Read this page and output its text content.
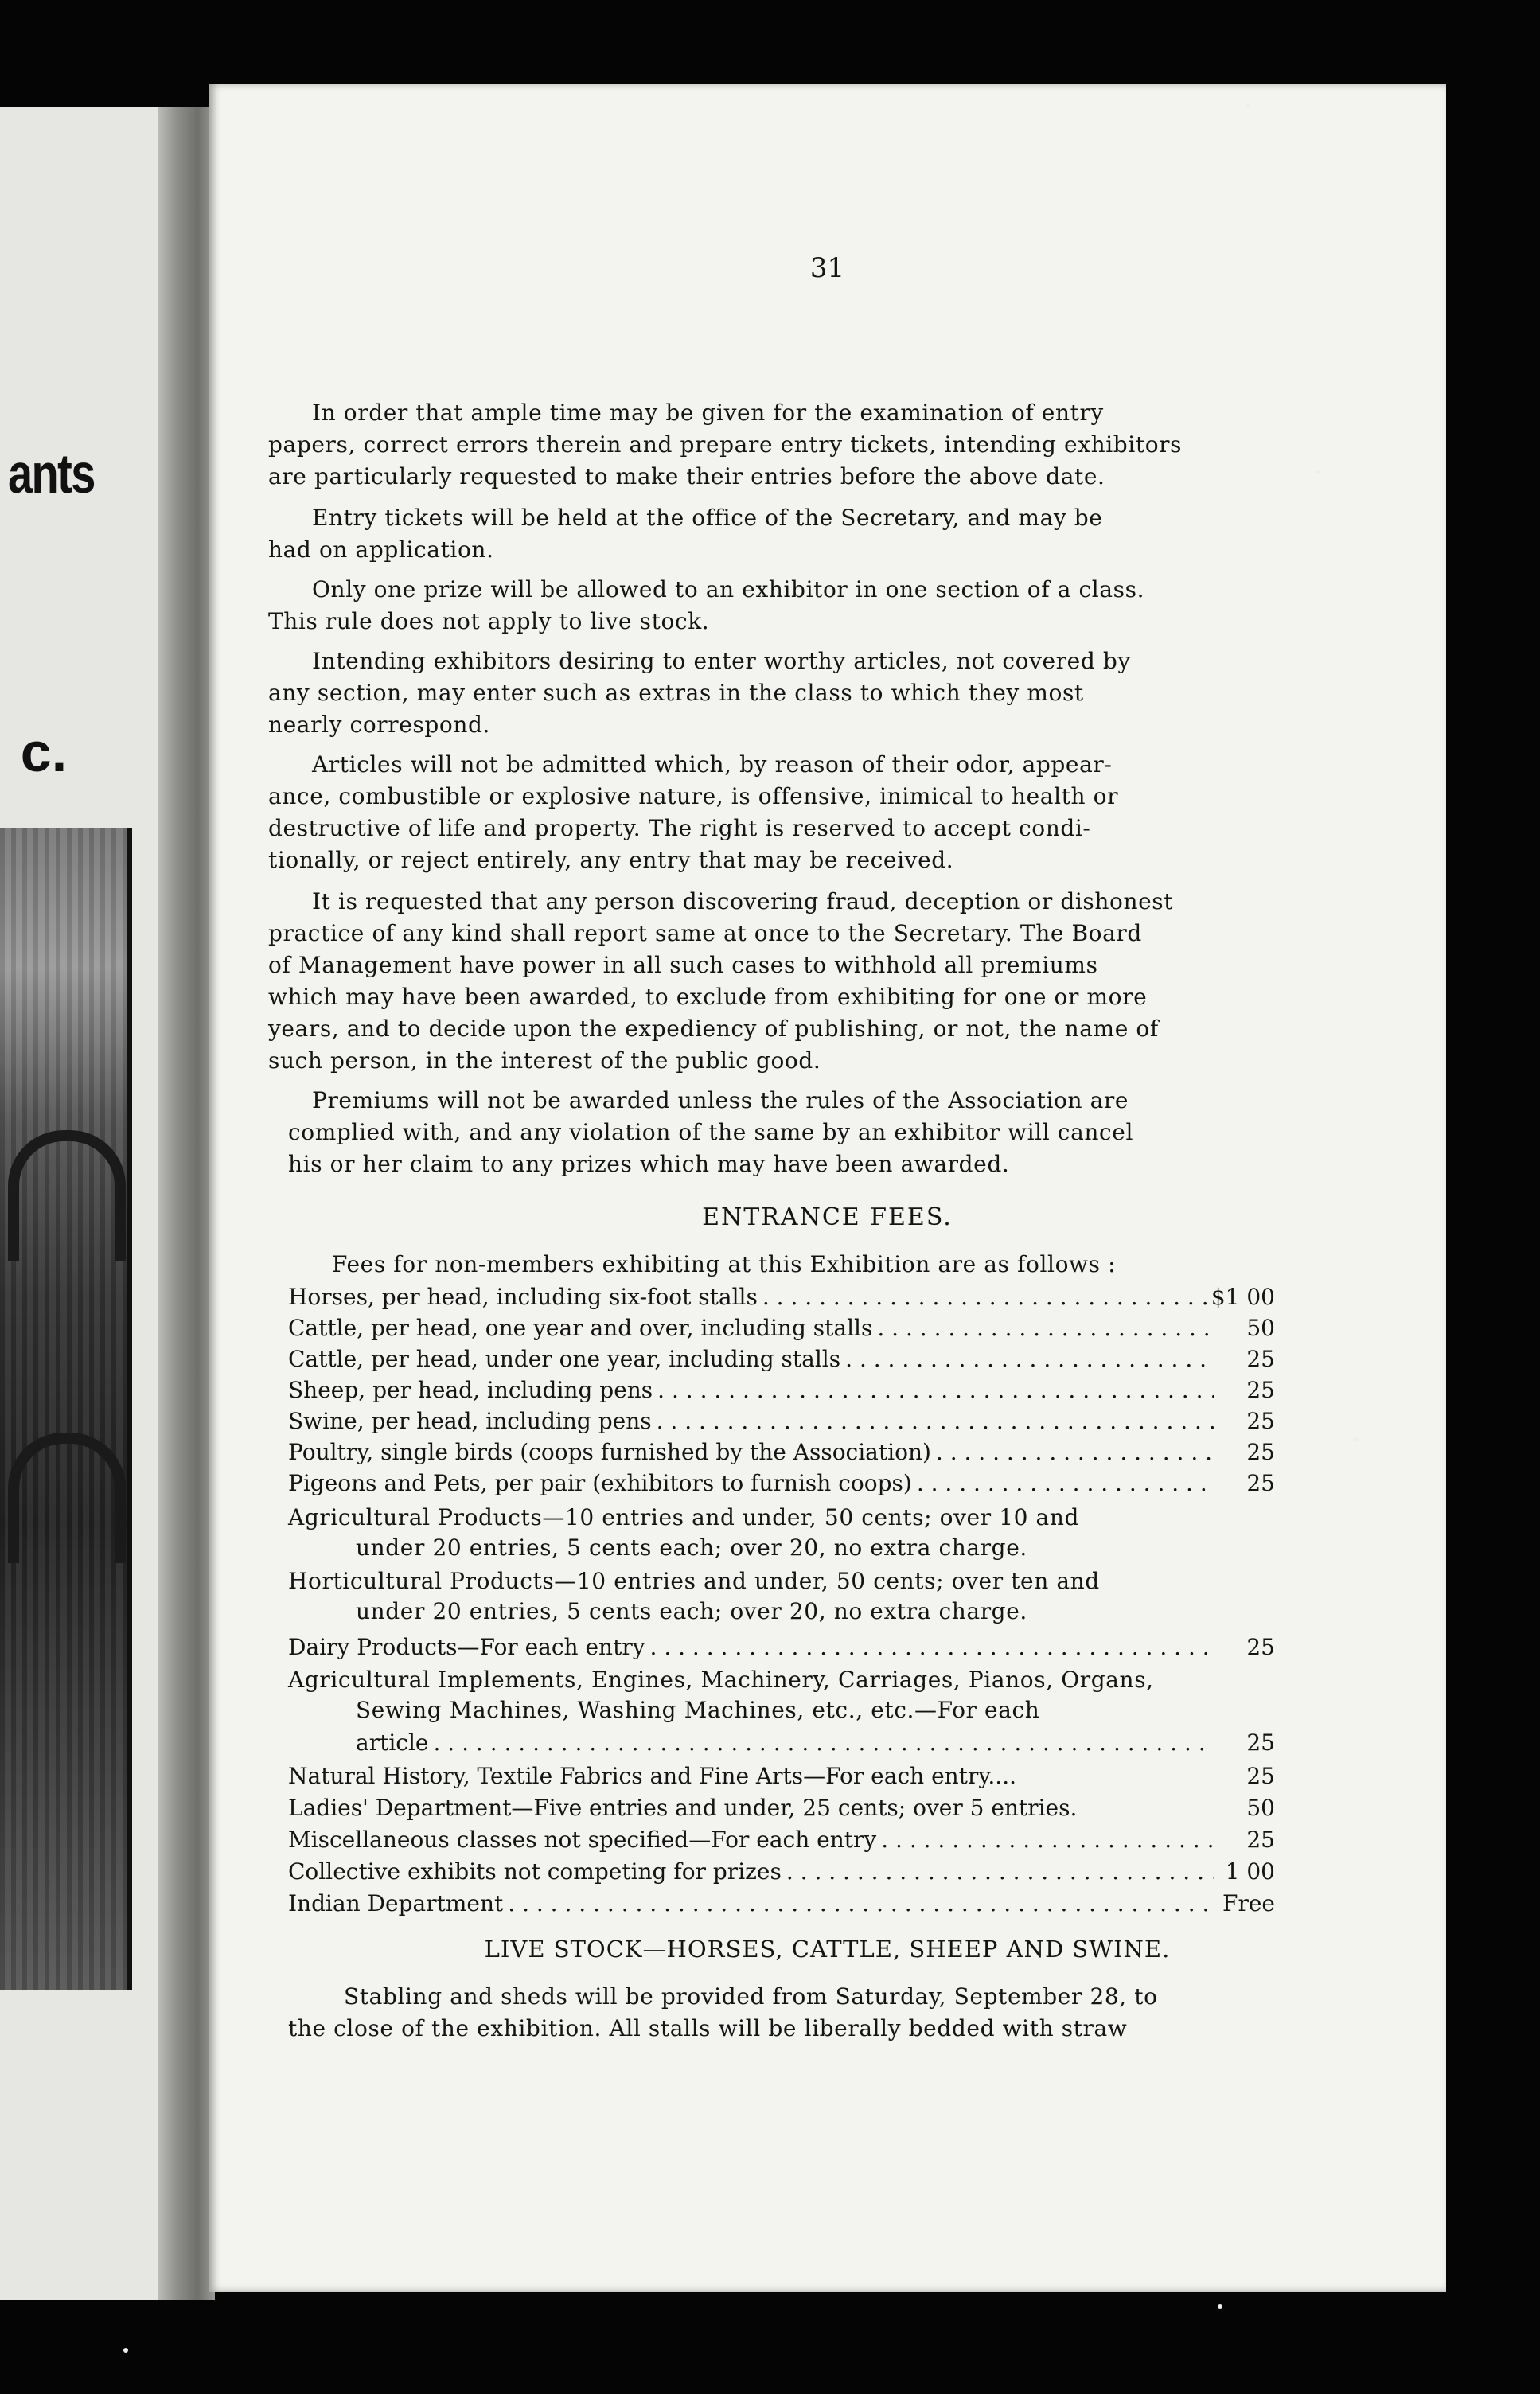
ants
c.
31
In order that ample time may be given for the examination of entry
papers, correct errors therein and prepare entry tickets, intending exhibitors
are particularly requested to make their entries before the above date.
Entry tickets will be held at the office of the Secretary, and may be
had on application.
Only one prize will be allowed to an exhibitor in one section of a class.
This rule does not apply to live stock.
Intending exhibitors desiring to enter worthy articles, not covered by
any section, may enter such as extras in the class to which they most
nearly correspond.
Articles will not be admitted which, by reason of their odor, appear-
ance, combustible or explosive nature, is offensive, inimical to health or
destructive of life and property. The right is reserved to accept condi-
tionally, or reject entirely, any entry that may be received.
It is requested that any person discovering fraud, deception or dishonest
practice of any kind shall report same at once to the Secretary. The Board
of Management have power in all such cases to withhold all premiums
which may have been awarded, to exclude from exhibiting for one or more
years, and to decide upon the expediency of publishing, or not, the name of
such person, in the interest of the public good.
Premiums will not be awarded unless the rules of the Association are
complied with, and any violation of the same by an exhibitor will cancel
his or her claim to any prizes which may have been awarded.
ENTRANCE FEES.
Fees for non-members exhibiting at this Exhibition are as follows :
Horses, per head, including six-foot stalls . . .	$1 00
Cattle, per head, one year and over, including stalls . . .	50
Cattle, per head, under one year, including stalls . . .	25
Sheep, per head, including pens . . .	25
Swine, per head, including pens . . .	25
Poultry, single birds (coops furnished by the Association) . . .	25
Pigeons and Pets, per pair (exhibitors to furnish coops) . . .	25
Agricultural Products—10 entries and under, 50 cents; over 10 and
under 20 entries, 5 cents each; over 20, no extra charge.
Horticultural Products—10 entries and under, 50 cents; over ten and
under 20 entries, 5 cents each; over 20, no extra charge.
Dairy Products—For each entry . . .	25
Agricultural Implements, Engines, Machinery, Carriages, Pianos, Organs,
Sewing Machines, Washing Machines, etc., etc.—For each
article . . .	25
Natural History, Textile Fabrics and Fine Arts—For each entry....	25
Ladies' Department—Five entries and under, 25 cents; over 5 entries.	50
Miscellaneous classes not specified—For each entry . . .	25
Collective exhibits not competing for prizes . . .	1 00
Indian Department . . .	Free
LIVE STOCK—HORSES, CATTLE, SHEEP AND SWINE.
Stabling and sheds will be provided from Saturday, September 28, to
the close of the exhibition. All stalls will be liberally bedded with straw
